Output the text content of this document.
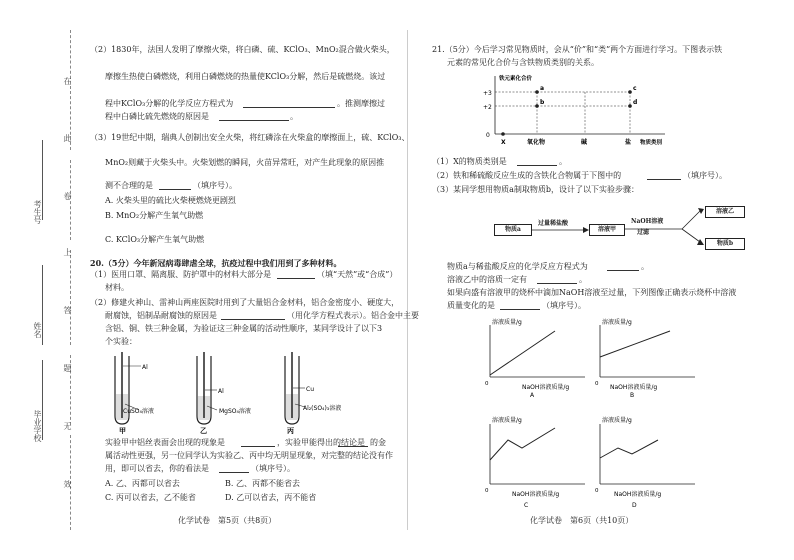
在
此
卷
上
答
题
无
效
考生号
姓名
毕业学校
（2）1830年，法国人发明了摩擦火柴，将白磷、硫、KClO₃、MnO₂混合做火柴头，
摩擦生热使白磷燃烧，利用白磷燃烧的热量使KClO₃分解，然后是硫燃烧。该过
程中KClO₃分解的化学反应方程式为	。推测摩擦过
程中白磷比硫先燃烧的原因是	。
（3）19世纪中期，瑞典人创制出安全火柴，将红磷涂在火柴盒的摩擦面上，硫、KClO₃、
MnO₂则藏于火柴头中。火柴划燃的瞬间，火苗异常旺，对产生此现象的原因推
测不合理的是	（填序号）。
A. 火柴头里的硫比火柴梗燃烧更剧烈
B. MnO₂分解产生氧气助燃
C. KClO₃分解产生氧气助燃
20.（5分）今年新冠病毒肆虐全球，抗疫过程中我们用到了多种材料。
（1）医用口罩、隔离服、防护罩中的材料大部分是	（填“天然”或“合成”）
材料。
（2）修建火神山、雷神山两座医院时用到了大量铝合金材料，铝合金密度小、硬度大，
耐腐蚀，铝制品耐腐蚀的原因是	（用化学方程式表示）。铝合金中主要
含铝、铜、铁三种金属，为验证这三种金属的活动性顺序，某同学设计了以下3
个实验：
Al
CuSO₄溶液
甲
Al
MgSO₄溶液
乙
Cu
Al₂(SO₄)₃溶液
丙
实验甲中铝丝表面会出现的现象是	，实验甲能得出的结论是 的金
属活动性更强，另一位同学认为实验乙、丙中均无明显现象，对完整的结论没有作
用，即可以省去，你的看法是	（填序号）。
A. 乙、丙都可以省去	B. 乙、丙都不能省去
C. 丙可以省去，乙不能省	D. 乙可以省去，丙不能省
化学试卷　第5页（共8页）
21.（5分）今后学习常见物质时，会从“价”和“类”两个方面进行学习。下图表示铁
元素的常见化合价与含铁物质类别的关系。
铁元素化合价
+3
+2
0
a
b
c
d
X	氧化物	碱	盐 物质类别
（1）X的物质类别是	。
（2）铁和稀硫酸反应生成的含铁化合物属于下图中的	（填序号）。
（3）某同学想用物质a制取物质b，设计了以下实验步骤：
物质a
过量稀盐酸
溶液甲
NaOH溶液
过滤
溶液乙
物质b
物质a与稀盐酸反应的化学反应方程式为	。
溶液乙中的溶质一定有	。
如果向盛有溶液甲的烧杯中滴加NaOH溶液至过量，下列图像正确表示烧杯中溶液
质量变化的是	（填序号）。
溶液质量/g
0	NaOH溶液质量/g
A
溶液质量/g
0 NaOH溶液质量/g
B
溶液质量/g
0	NaOH溶液质量/g
C
溶液质量/g
0	NaOH溶液质量/g
D
化学试卷　第6页（共10页）
